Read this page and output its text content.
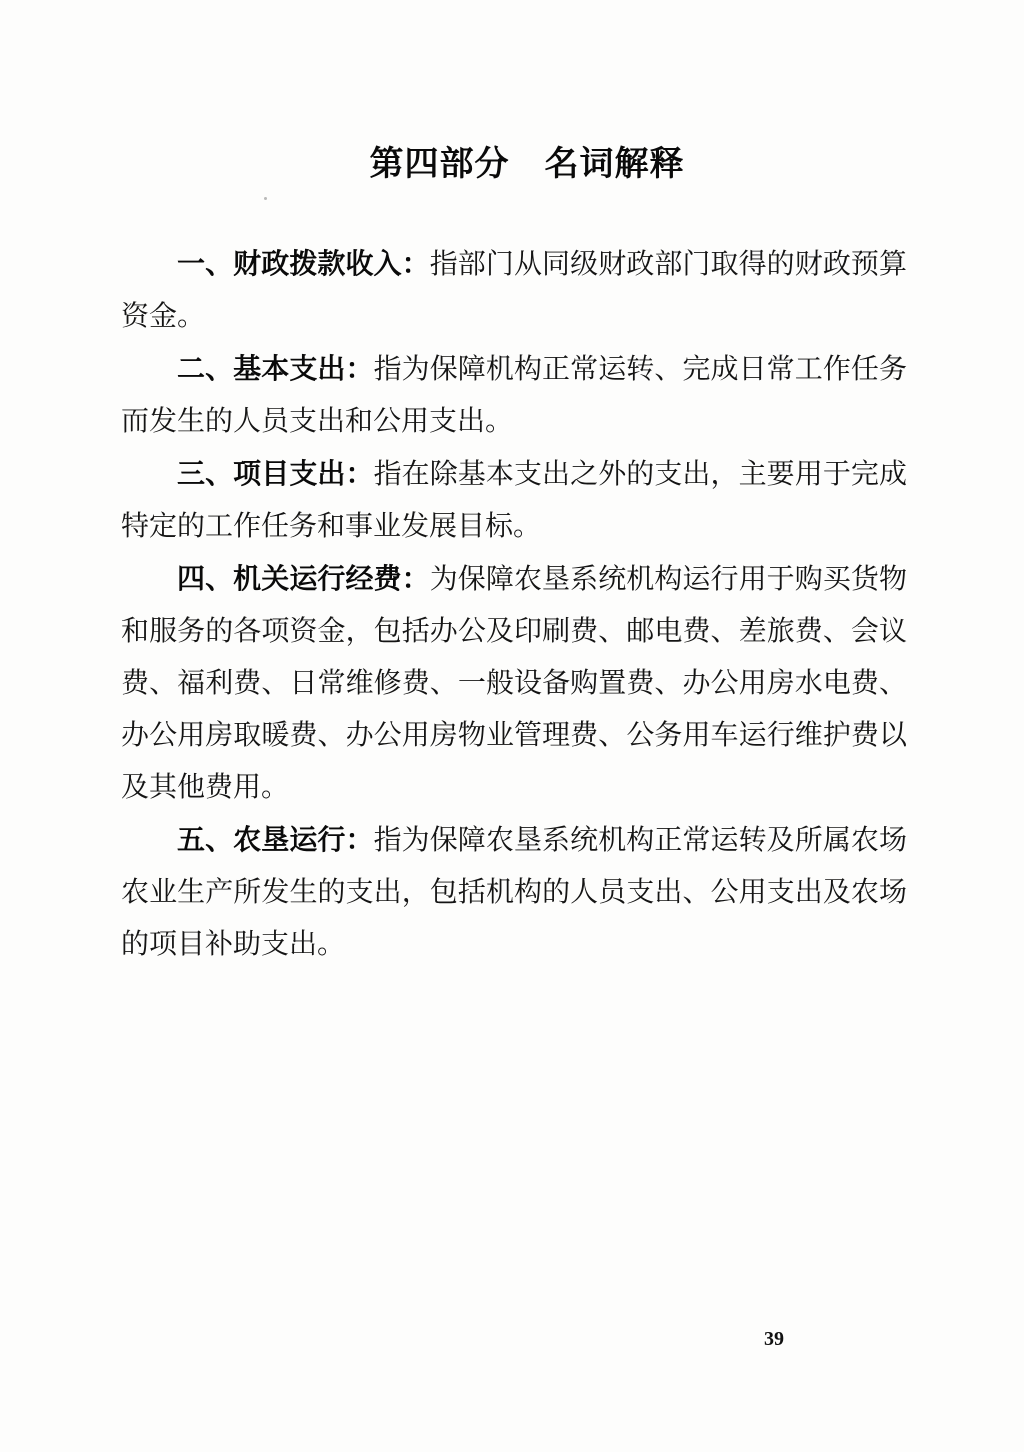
第四部分　名词解释

一、财政拨款收入：指部门从同级财政部门取得的财政预算资金。

二、基本支出：指为保障机构正常运转、完成日常工作任务而发生的人员支出和公用支出。

三、项目支出：指在除基本支出之外的支出，主要用于完成特定的工作任务和事业发展目标。

四、机关运行经费：为保障农垦系统机构运行用于购买货物和服务的各项资金，包括办公及印刷费、邮电费、差旅费、会议费、福利费、日常维修费、一般设备购置费、办公用房水电费、办公用房取暖费、办公用房物业管理费、公务用车运行维护费以及其他费用。

五、农垦运行：指为保障农垦系统机构正常运转及所属农场农业生产所发生的支出，包括机构的人员支出、公用支出及农场的项目补助支出。

39
